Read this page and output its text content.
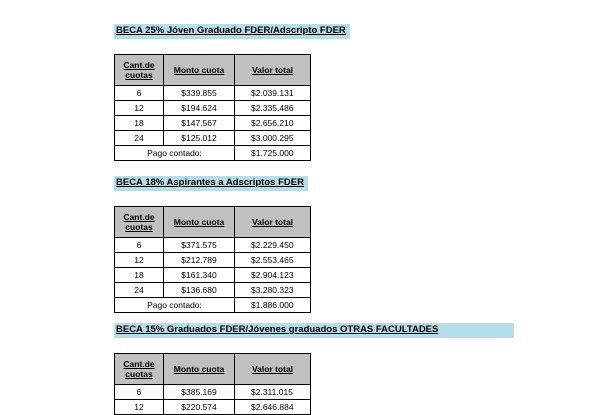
BECA 25% Jóven Graduado FDER/Adscripto FDER
Cant.de cuotas	Monto cuota	Valor total
6	$339.855	$2.039.131
12	$194.624	$2.335.486
18	$147.567	$2.656.210
24	$125.012	$3.000.295
Pago contado:		$1.725.000
BECA 18% Aspirantes a Adscriptos FDER
Cant.de cuotas	Monto cuota	Valor total
6	$371.575	$2.229.450
12	$212.789	$2.553.465
18	$161.340	$2.904.123
24	$136.680	$3.280.323
Pago contado:		$1.886.000
BECA 15% Graduados FDER/Jóvenes graduados OTRAS FACULTADES
Cant.de cuotas	Monto cuota	Valor total
6	$385.169	$2.311.015
12	$220.574	$2.646.884
